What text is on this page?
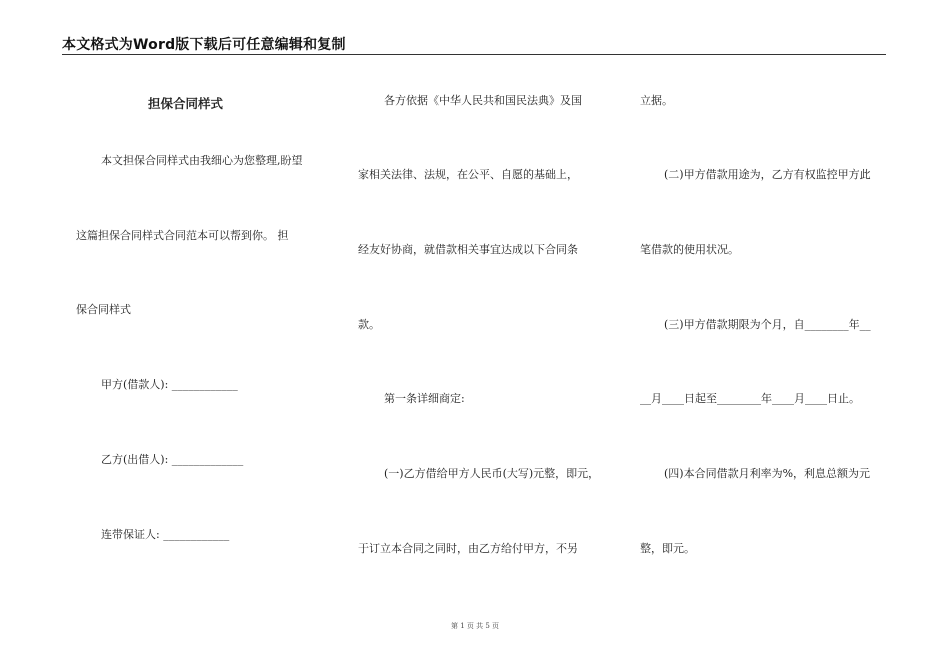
本文格式为Word版下载后可任意编辑和复制
担保合同样式
本文担保合同样式由我细心为您整理,盼望
这篇担保合同样式合同范本可以帮到你。 担
保合同样式
甲方(借款人): ____________
乙方(出借人): _____________
连带保证人: ____________
各方依据《中华人民共和国民法典》及国
家相关法律、法规，在公平、自愿的基础上，
经友好协商，就借款相关事宜达成以下合同条
款。
第一条详细商定:
(一)乙方借给甲方人民币(大写)元整，即元，
于订立本合同之同时，由乙方给付甲方，不另
立据。
(二)甲方借款用途为，乙方有权监控甲方此
笔借款的使用状况。
(三)甲方借款期限为个月，自________年__
__月____日起至________年____月____日止。
(四)本合同借款月利率为%，利息总额为元
整，即元。
第 1 页 共 5 页
